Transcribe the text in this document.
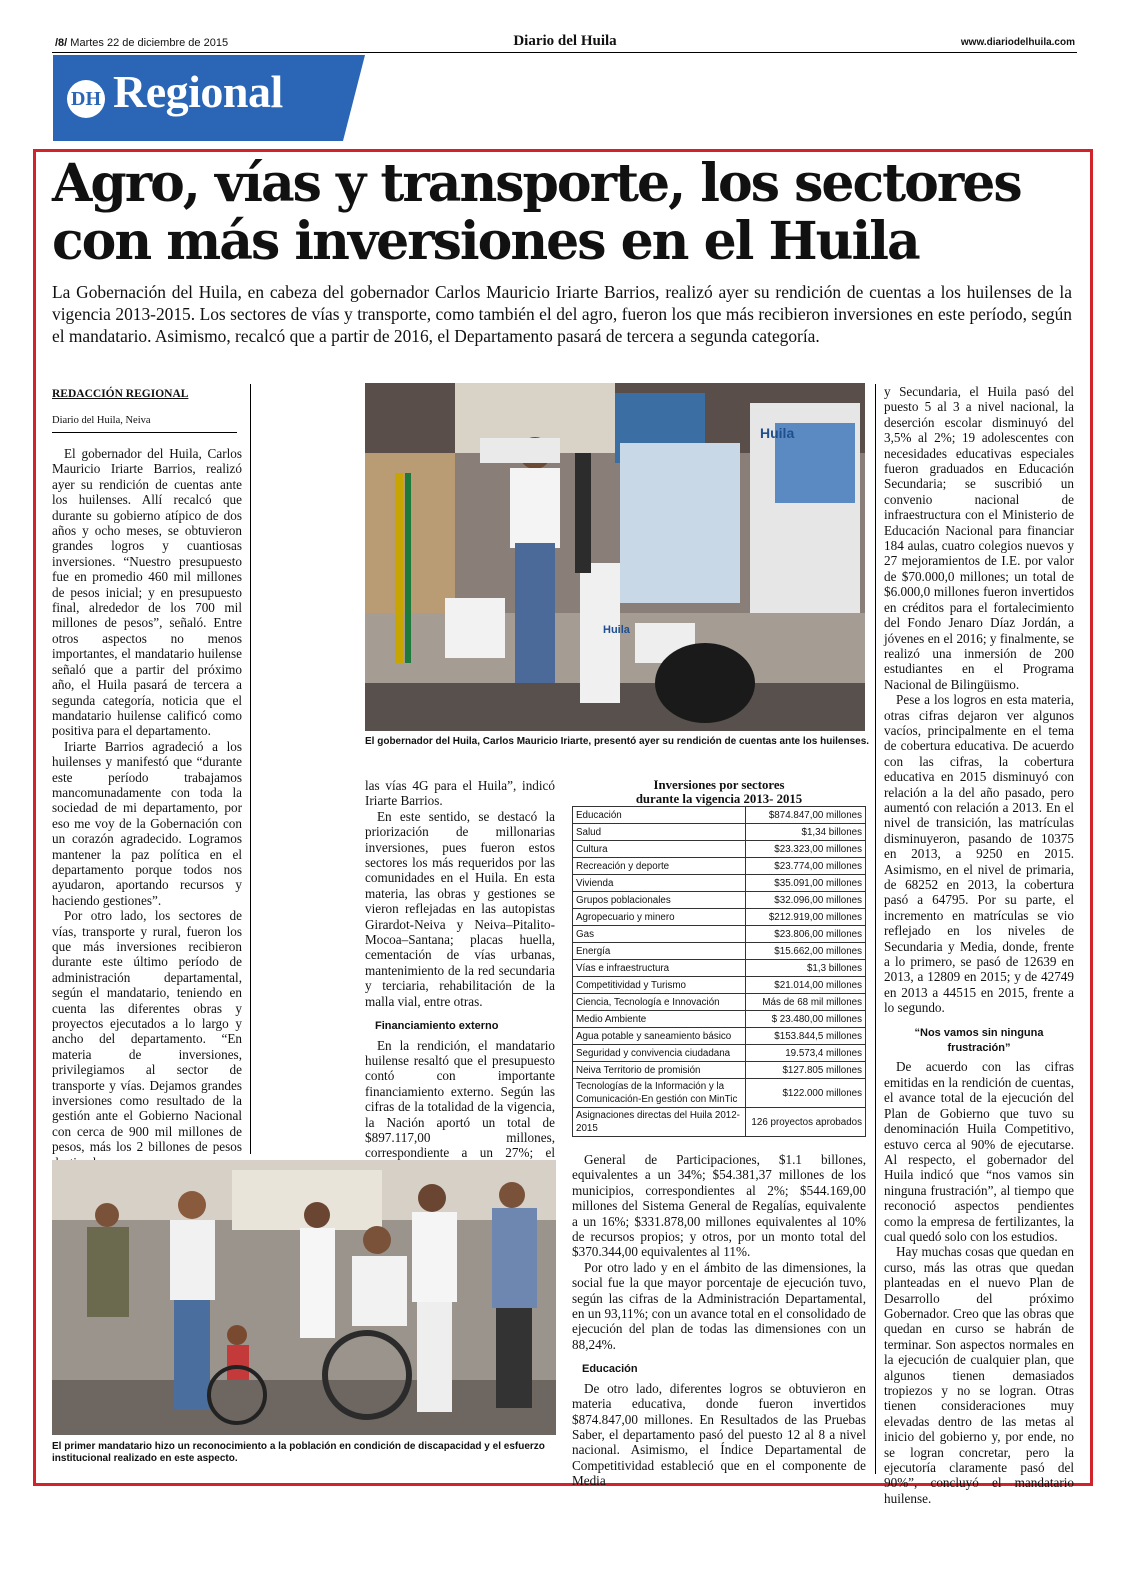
/8/ Martes 22 de diciembre de 2015	Diario del Huila	www.diariodelhuila.com
DH Regional
Agro, vías y transporte, los sectores con más inversiones en el Huila
La Gobernación del Huila, en cabeza del gobernador Carlos Mauricio Iriarte Barrios, realizó ayer su rendición de cuentas a los huilenses de la vigencia 2013-2015. Los sectores de vías y transporte, como también el del agro, fueron los que más recibieron inversiones en este período, según el mandatario. Asimismo, recalcó que a partir de 2016, el Departamento pasará de tercera a segunda categoría.
REDACCIÓN REGIONAL
Diario del Huila, Neiva

El gobernador del Huila, Carlos Mauricio Iriarte Barrios, realizó ayer su rendición de cuentas ante los huilenses. Allí recalcó que durante su gobierno atípico de dos años y ocho meses, se obtuvieron grandes logros y cuantiosas inversiones. “Nuestro presupuesto fue en promedio 460 mil millones de pesos inicial; y en presupuesto final, alrededor de los 700 mil millones de pesos”, señaló. Entre otros aspectos no menos importantes, el mandatario huilense señaló que a partir del próximo año, el Huila pasará de tercera a segunda categoría, noticia que el mandatario huilense calificó como positiva para el departamento.

Iriarte Barrios agradeció a los huilenses y manifestó que “durante este período trabajamos mancomunadamente con toda la sociedad de mi departamento, por eso me voy de la Gobernación con un corazón agradecido. Logramos mantener la paz política en el departamento porque todos nos ayudaron, aportando recursos y haciendo gestiones”.

Por otro lado, los sectores de vías, transporte y rural, fueron los que más inversiones recibieron durante este último período de administración departamental, según el mandatario, teniendo en cuenta las diferentes obras y proyectos ejecutados a lo largo y ancho del departamento. “En materia de inversiones, privilegiamos al sector de transporte y vías. Dejamos grandes inversiones como resultado de la gestión ante el Gobierno Nacional con cerca de 900 mil millones de pesos, más los 2 billones de pesos

Huila
Huila
El gobernador del Huila, Carlos Mauricio Iriarte, presentó ayer su rendición de cuentas ante los huilenses.

las vías 4G para el Huila”, indicó Iriarte Barrios.

En este sentido, se destacó la priorización de millonarias inversiones, pues fueron estos sectores los más requeridos por las comunidades en el Huila. En esta materia, las obras y gestiones se vieron reflejadas en las autopistas Girardot-Neiva y Neiva–Pitalito-Mocoa–Santana; placas huella, cementación de vías urbanas, mantenimiento de la red secundaria y terciaria, rehabilitación de la malla vial, entre otras.

Financiamiento externo

En la rendición, el mandatario huilense resaltó que el presupuesto contó con importante financiamiento externo. Según las cifras de la totalidad de la vigencia, la Nación aportó un total de $897.117,00 millones, correspondiente a un 27%; el

Inversiones por sectores
durante la vigencia 2013- 2015
Educación	$874.847,00 millones
Salud	$1,34 billones
Cultura	$23.323,00 millones
Recreación y deporte	$23.774,00 millones
Vivienda	$35.091,00 millones
Grupos poblacionales	$32.096,00 millones
Agropecuario y minero	$212.919,00 millones
Gas	$23.806,00 millones
Energía	$15.662,00 millones
Vías e infraestructura	$1,3 billones
Competitividad y Turismo	$21.014,00 millones
Ciencia, Tecnología e Innovación	Más de 68 mil millones
Medio Ambiente	$ 23.480,00 millones
Agua potable y saneamiento básico	$153.844,5 millones
Seguridad y convivencia ciudadana	19.573,4 millones
Neiva Territorio de promisión	$127.805 millones
Tecnologías de la Información y la Comunicación-En gestión con MinTic	$122.000 millones
Asignaciones directas del Huila 2012-2015	126 proyectos aprobados

General de Participaciones, $1.1 billones, equivalentes a un 34%; $54.381,37 millones de los municipios, correspondientes al 2%; $544.169,00 millones del Sistema General de Regalías, equivalente a un 16%; $331.878,00 millones equivalentes al 10% de recursos propios; y otros, por un monto total del $370.344,00 equivalentes al 11%.

Por otro lado y en el ámbito de las dimensiones, la social fue la que mayor porcentaje de ejecución tuvo, según las cifras de la Administración Departamental, en un 93,11%; con un avance total en el consolidado de ejecución del plan de todas las dimensiones con un 88,24%.

Educación

De otro lado, diferentes logros se obtuvieron en materia educativa, donde fueron invertidos $874.847,00 millones. En Resultados de las Pruebas Saber, el departamento pasó del puesto 12 al 8 a nivel nacional. Asimismo, el Índice Departamental de Competitividad estableció que en el componente de Media

y Secundaria, el Huila pasó del puesto 5 al 3 a nivel nacional, la deserción escolar disminuyó del 3,5% al 2%; 19 adolescentes con necesidades educativas especiales fueron graduados en Educación Secundaria; se suscribió un convenio nacional de infraestructura con el Ministerio de Educación Nacional para financiar 184 aulas, cuatro colegios nuevos y 27 mejoramientos de I.E. por valor de $70.000,0 millones; un total de $6.000,0 millones fueron invertidos en créditos para el fortalecimiento del Fondo Jenaro Díaz Jordán, a jóvenes en el 2016; y finalmente, se realizó una inmersión de 200 estudiantes en el Programa Nacional de Bilingüismo.

Pese a los logros en esta materia, otras cifras dejaron ver algunos vacíos, principalmente en el tema de cobertura educativa. De acuerdo con las cifras, la cobertura educativa en 2015 disminuyó con relación a la del año pasado, pero aumentó con relación a 2013. En el nivel de transición, las matrículas disminuyeron, pasando de 10375 en 2013, a 9250 en 2015. Asimismo, en el nivel de primaria, de 68252 en 2013, la cobertura pasó a 64795. Por su parte, el incremento en matrículas se vio reflejado en los niveles de Secundaria y Media, donde, frente a lo primero, se pasó de 12639 en 2013, a 12809 en 2015; y de 42749 en 2013 a 44515 en 2015, frente a lo segundo.

“Nos vamos sin ninguna frustración”

De acuerdo con las cifras emitidas en la rendición de cuentas, el avance total de la ejecución del Plan de Gobierno que tuvo su denominación Huila Competitivo, estuvo cerca al 90% de ejecutarse. Al respecto, el gobernador del Huila indicó que “nos vamos sin ninguna frustración”, al tiempo que reconoció aspectos pendientes como la empresa de fertilizantes, la cual quedó solo con los estudios.

Hay muchas cosas que quedan en curso, más las otras que quedan planteadas en el nuevo Plan de Desarrollo del próximo Gobernador. Creo que las obras que quedan en curso se habrán de terminar. Son aspectos normales en la ejecución de cualquier plan, que algunos tienen demasiados tropiezos y no se logran. Otras tienen consideraciones muy elevadas dentro de las metas al inicio del gobierno y, por ende, no se logran concretar, pero la ejecutoría claramente pasó del 90%”, concluyó el mandatario huilense.

El primer mandatario hizo un reconocimiento a la población en condición de discapacidad y el esfuerzo institucional realizado en este aspecto.
